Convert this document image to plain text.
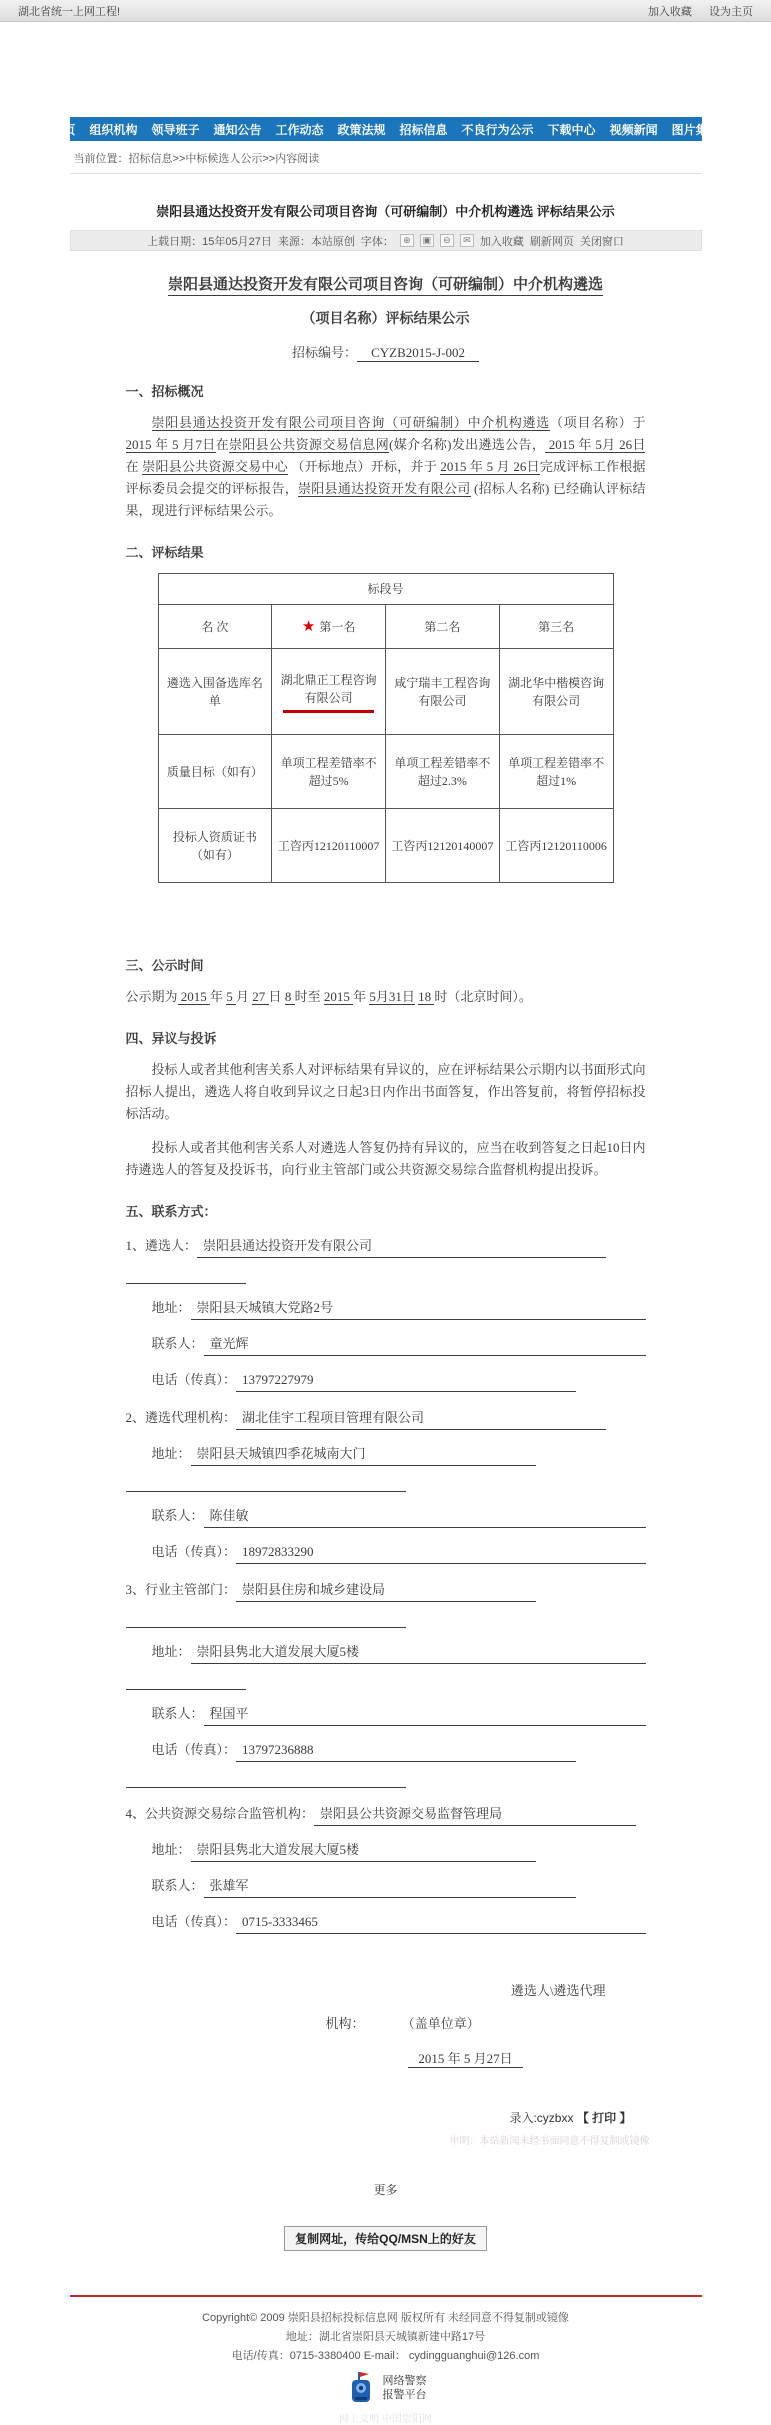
湖北省统一上网工程!	加入收藏 设为主页
首页	组织机构	领导班子	通知公告	工作动态	政策法规	招标信息	不良行为公示	下载中心	视频新闻	图片集锦
当前位置：招标信息>>中标候选人公示>>内容阅读
崇阳县通达投资开发有限公司项目咨询（可研编制）中介机构遴选 评标结果公示
上载日期：15年05月27日 来源：本站原创 字体：	⊕	▣	⊖	✉ 加入收藏 刷新网页 关闭窗口
崇阳县通达投资开发有限公司项目咨询（可研编制）中介机构遴选
（项目名称）评标结果公示
招标编号： CYZB2015-J-002
一、招标概况

崇阳县通达投资开发有限公司项目咨询（可研编制）中介机构遴选（项目名称）于 2015 年 5 月7日在崇阳县公共资源交易信息网(媒介名称)发出遴选公告， 2015 年 5月 26日 在 崇阳县公共资源交易中心 （开标地点）开标，并于 2015 年 5 月 26日完成评标工作根据评标委员会提交的评标报告，崇阳县通达投资开发有限公司 (招标人名称) 已经确认评标结果，现进行评标结果公示。

二、评标结果
标段号			
名 次	★ 第一名	第二名	第三名
遴选入围备选库名单	湖北鼎正工程咨询有限公司	咸宁瑞丰工程咨询有限公司	湖北华中楷模咨询有限公司
质量目标（如有）	单项工程差错率不超过5%	单项工程差错率不超过2.3%	单项工程差错率不超过1%
投标人资质证书（如有）	工咨丙12120110007	工咨丙12120140007	工咨丙12120110006
三、公示时间

公示期为 2015 年 5 月 27 日 8 时至 2015 年 5月31日 18 时（北京时间）。

四、异议与投诉

投标人或者其他利害关系人对评标结果有异议的，应在评标结果公示期内以书面形式向招标人提出，遴选人将自收到异议之日起3日内作出书面答复，作出答复前，将暂停招标投标活动。

投标人或者其他利害关系人对遴选人答复仍持有异议的，应当在收到答复之日起10日内持遴选人的答复及投诉书，向行业主管部门或公共资源交易综合监督机构提出投诉。

五、联系方式：
1、 遴选人： 崇阳县通达投资开发有限公司
地址： 崇阳县天城镇大党路2号
联系人： 童光辉
电话（传真）： 13797227979
2、 遴选代理机构： 湖北佳宇工程项目管理有限公司
地址： 崇阳县天城镇四季花城南大门
联系人： 陈佳敏
电话（传真）： 18972833290
3、 行业主管部门： 崇阳县住房和城乡建设局
地址： 崇阳县隽北大道发展大厦5楼
联系人： 程国平
电话（传真）： 13797236888
4、 公共资源交易综合监管机构： 崇阳县公共资源交易监督管理局
地址： 崇阳县隽北大道发展大厦5楼
联系人： 张雄军
电话（传真）： 0715-3333465
遴选人\遴选代理
机构：	（盖单位章）
2015 年 5 月27日
录入:cyzbxx 【 打印 】
申明：本站新闻未经书面同意不得复制或镜像
更多
复制网址，传给QQ/MSN上的好友
Copyright© 2009 崇阳县招标投标信息网 版权所有 未经同意不得复制或镜像
地址：湖北省崇阳县天城镇新建中路17号
电话/传真：0715-3380400 E-mail： cydingguanghui@126.com
网络警察
报警平台
网上文明 中国崇阳网
